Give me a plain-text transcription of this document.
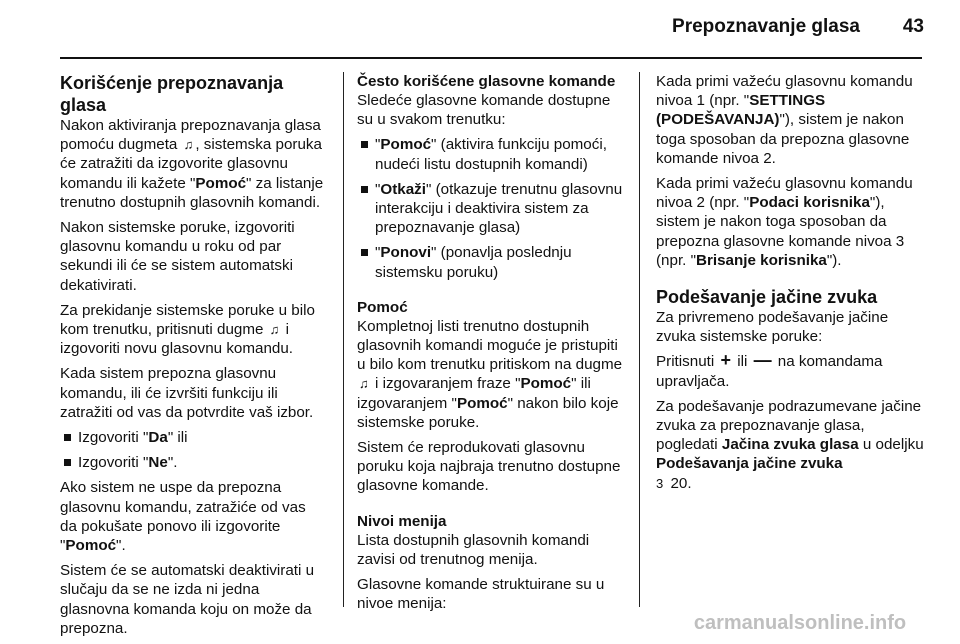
Prepoznavanje glasa	43
Korišćenje prepoznavanja glasa

Nakon aktiviranja prepoznavanja glasa pomoću dugmeta ♫ , sistemska poruka će zatražiti da izgovorite glasovnu komandu ili kažete "Pomoć" za listanje trenutno dostupnih glasovnih komandi.

Nakon sistemske poruke, izgovoriti glasovnu komandu u roku od par sekundi ili će se sistem automatski dekativirati.

Za prekidanje sistemske poruke u bilo kom trenutku, pritisnuti dugme ♫ i izgovoriti novu glasovnu komandu.

Kada sistem prepozna glasovnu komandu, ili će izvršiti funkciju ili zatražiti od vas da potvrdite vaš izbor.

Izgovoriti "Da" ili
Izgovoriti "Ne".

Ako sistem ne uspe da prepozna glasovnu komandu, zatražiće od vas da pokušate ponovo ili izgovorite "Pomoć".

Sistem će se automatski deaktivirati u slučaju da se ne izda ni jedna glasnovna komanda koju on može da prepozna.

Često korišćene glasovne komande

Sledeće glasovne komande dostupne su u svakom trenutku:

"Pomoć" (aktivira funkciju pomoći, nudeći listu dostupnih komandi)
"Otkaži" (otkazuje trenutnu glasovnu interakciju i deaktivira sistem za prepoznavanje glasa)
"Ponovi" (ponavlja poslednju sistemsku poruku)
Pomoć

Kompletnoj listi trenutno dostupnih glasovnih komandi moguće je pristupiti u bilo kom trenutku pritiskom na dugme ♫ i izgovaranjem fraze "Pomoć" ili izgovaranjem "Pomoć" nakon bilo koje sistemske poruke.

Sistem će reprodukovati glasovnu poruku koja najbraja trenutno dostupne glasovne komande.

Nivoi menija

Lista dostupnih glasovnih komandi zavisi od trenutnog menija.

Glasovne komande struktuirane su u nivoe menija:

Kada primi važeću glasovnu komandu nivoa 1 (npr. "SETTINGS (PODEŠAVANJA)"), sistem je nakon toga sposoban da prepozna glasovne komande nivoa 2.

Kada primi važeću glasovnu komandu nivoa 2 (npr. "Podaci korisnika"), sistem je nakon toga sposoban da prepozna glasovne komande nivoa 3 (npr. "Brisanje korisnika").

Podešavanje jačine zvuka

Za privremeno podešavanje jačine zvuka sistemske poruke:

Pritisnuti + ili — na komandama upravljača.

Za podešavanje podrazumevane jačine zvuka za prepoznavanje glasa, pogledati Jačina zvuka glasa u odeljku Podešavanja jačine zvuka
3 20.

carmanualsonline.info
